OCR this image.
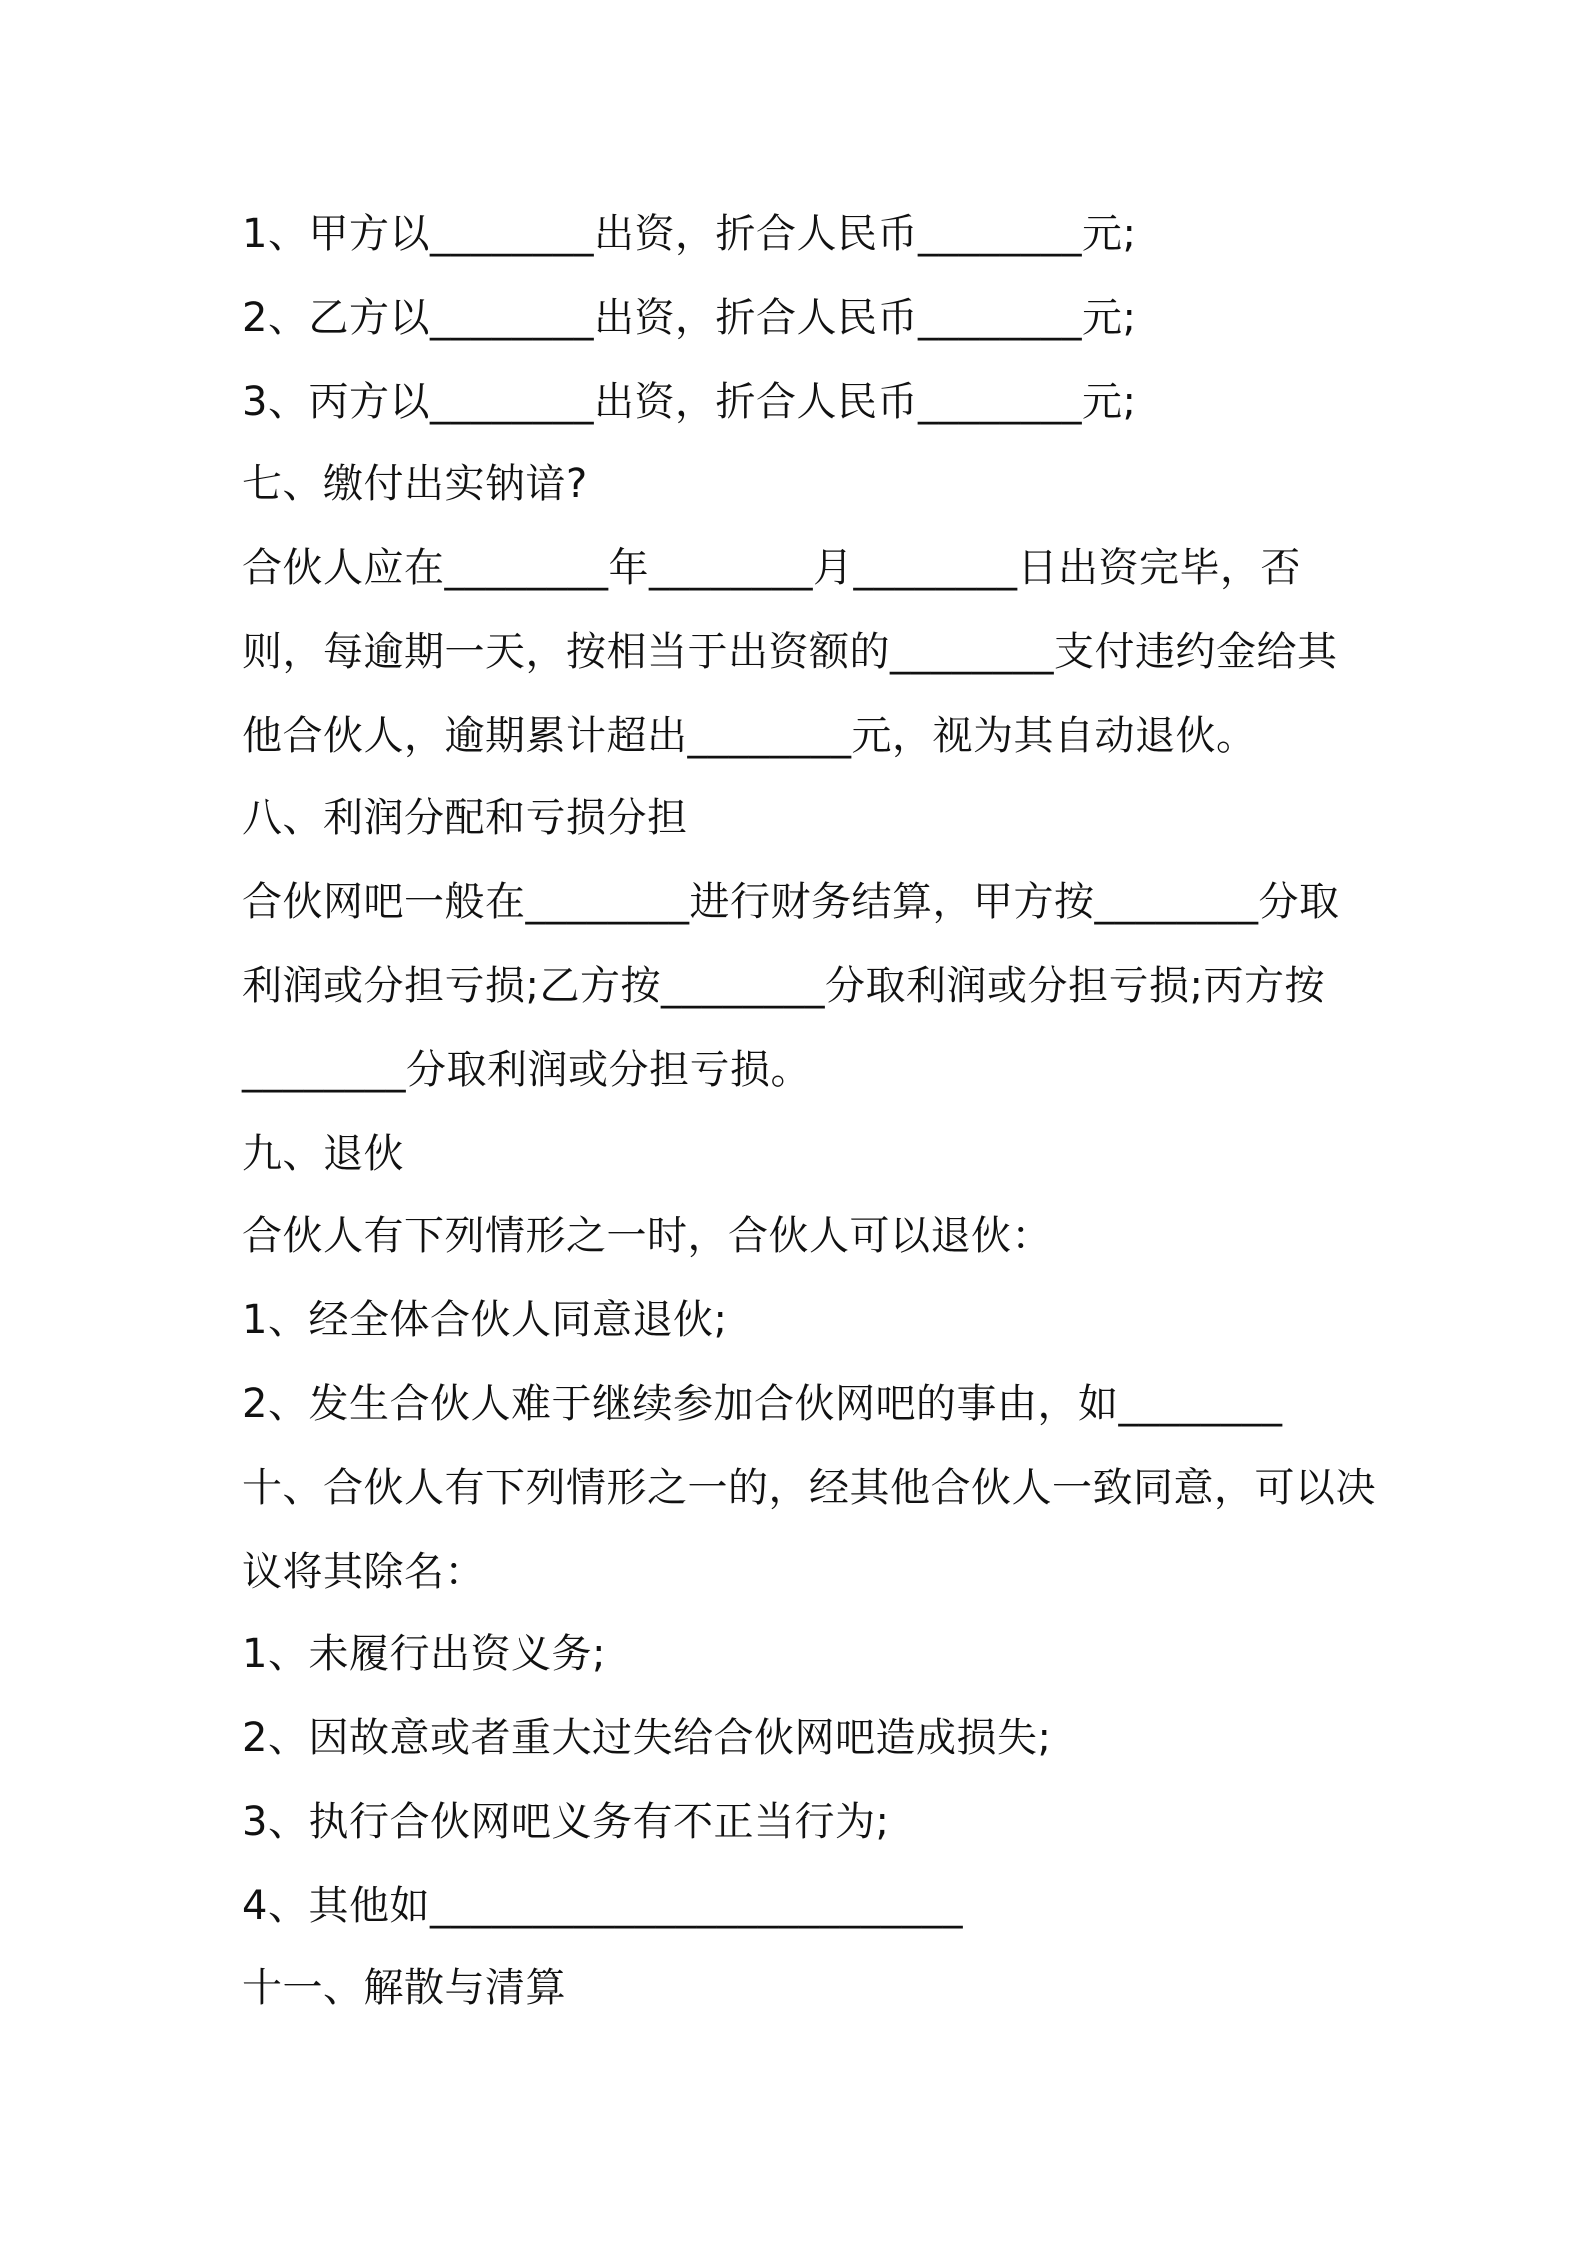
1、甲方以________出资，折合人民币________元;
2、乙方以________出资，折合人民币________元;
3、丙方以________出资，折合人民币________元;
七、缴付出实钠谙?
合伙人应在________年________月________日出资完毕，否
则，每逾期一天，按相当于出资额的________支付违约金给其
他合伙人，逾期累计超出________元，视为其自动退伙。
八、利润分配和亏损分担
合伙网吧一般在________进行财务结算，甲方按________分取
利润或分担亏损;乙方按________分取利润或分担亏损;丙方按
________分取利润或分担亏损。
九、退伙
合伙人有下列情形之一时，合伙人可以退伙：
1、经全体合伙人同意退伙;
2、发生合伙人难于继续参加合伙网吧的事由，如________
十、合伙人有下列情形之一的，经其他合伙人一致同意，可以决
议将其除名：
1、未履行出资义务;
2、因故意或者重大过失给合伙网吧造成损失;
3、执行合伙网吧义务有不正当行为;
4、其他如__________________________
十一、解散与清算
